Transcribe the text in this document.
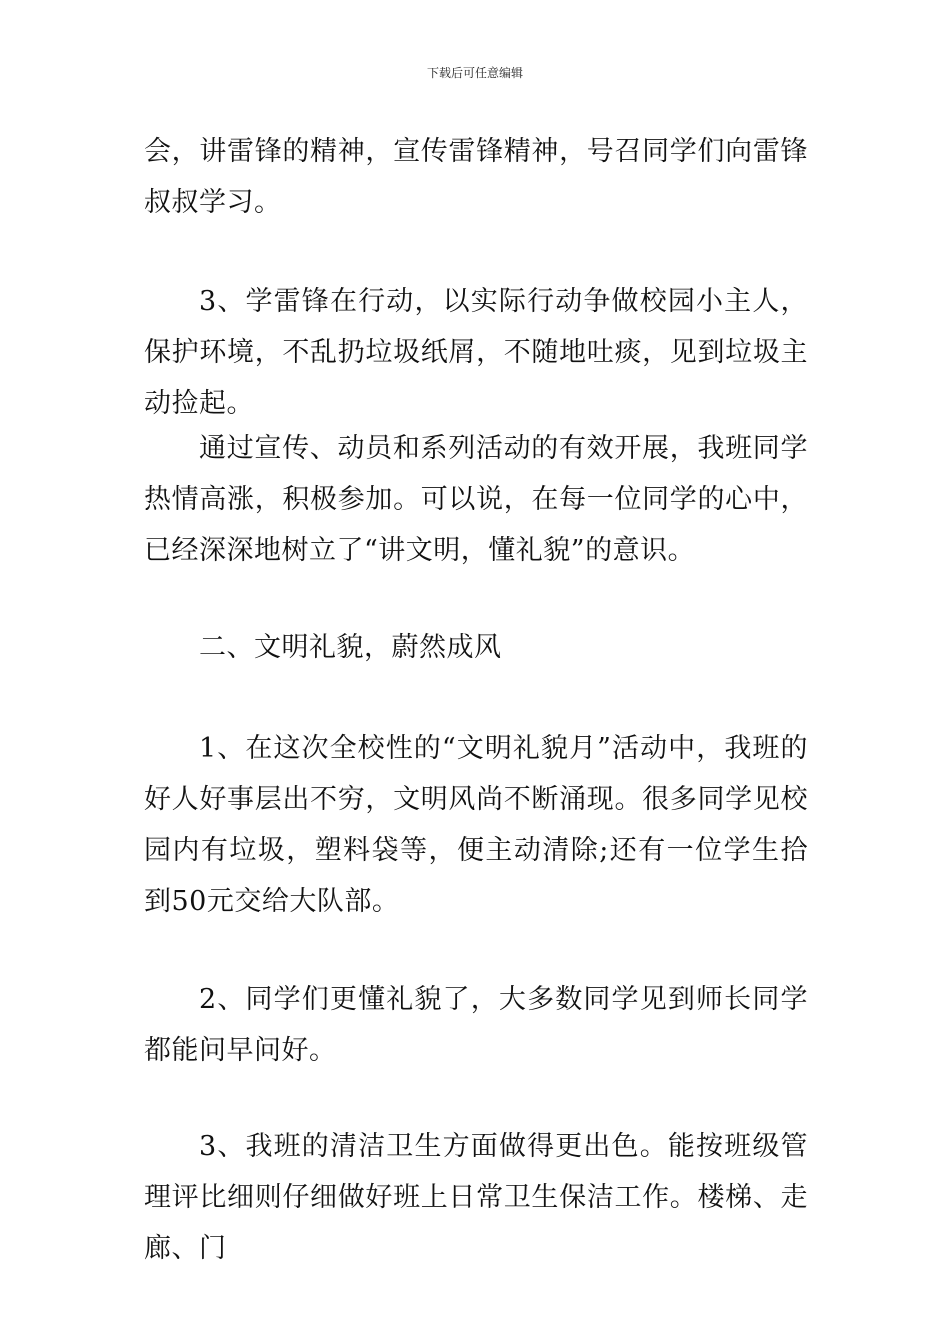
下载后可任意编辑

会，讲雷锋的精神，宣传雷锋精神，号召同学们向雷锋叔叔学习。

3、学雷锋在行动，以实际行动争做校园小主人，保护环境，不乱扔垃圾纸屑，不随地吐痰，见到垃圾主动捡起。

通过宣传、动员和系列活动的有效开展，我班同学热情高涨，积极参加。可以说，在每一位同学的心中，已经深深地树立了“讲文明，懂礼貌”的意识。

二、文明礼貌，蔚然成风

1、在这次全校性的“文明礼貌月”活动中，我班的好人好事层出不穷，文明风尚不断涌现。很多同学见校园内有垃圾，塑料袋等，便主动清除;还有一位学生拾到50元交给大队部。

2、同学们更懂礼貌了，大多数同学见到师长同学都能问早问好。

3、我班的清洁卫生方面做得更出色。能按班级管理评比细则仔细做好班上日常卫生保洁工作。楼梯、走廊、门
